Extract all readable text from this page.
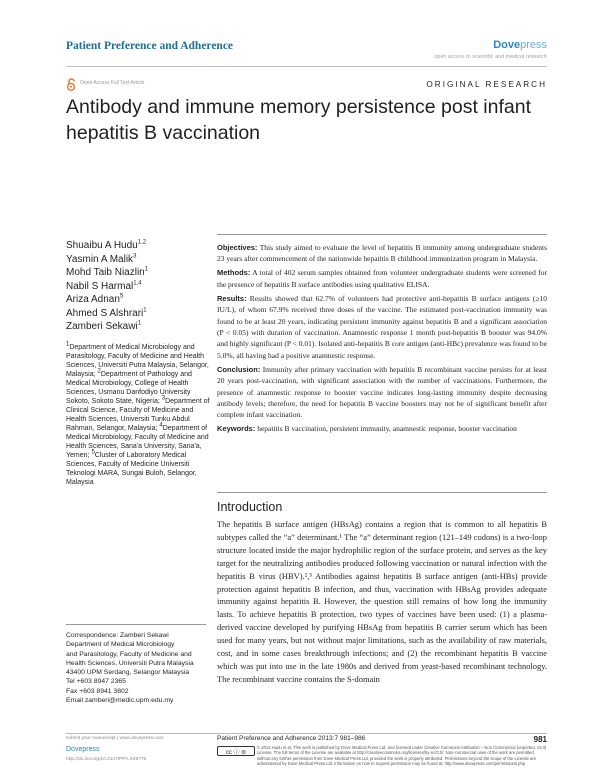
Patient Preference and Adherence	Dovepress
open access to scientific and medical research
Open Access Full Text Article	ORIGINAL RESEARCH
Antibody and immune memory persistence post infant hepatitis B vaccination
Shuaibu A Hudu$^{1,2}$
Yasmin A Malik$^3$
Mohd Taib Niazlin$^1$
Nabil S Harmal$^{1,4}$
Ariza Adnan$^5$
Ahmed S Alshrari$^1$
Zamberi Sekawi$^1$
$^1$Department of Medical Microbiology and Parasitology, Faculty of Medicine and Health Sciences, Universiti Putra Malaysia, Selangor, Malaysia; $^2$Department of Pathology and Medical Microbiology, College of Health Sciences, Usmanu Danfodiyo University Sokoto, Sokoto State, Nigeria; $^3$Department of Clinical Science, Faculty of Medicine and Health Sciences, Universiti Tunku Abdul Rahman, Selangor, Malaysia; $^4$Department of Medical Microbiology, Faculty of Medicine and Health Sciences, Sana'a University, Sana'a, Yemen; $^5$Cluster of Laboratory Medical Sciences, Faculty of Medicine Universiti Teknologi MARA, Sungai Buloh, Selangor, Malaysia
Correspondence: Zamberi Sekawi
Department of Medical Microbiology
and Parasitology, Faculty of Medicine and
Health Sciences, Universiti Putra Malaysia
43400 UPM Serdang, Selangor Malaysia
Tel +603 8947 2365
Fax +603 8941 3802
Email zamberi@medic.upm.edu.my

Objectives: This study aimed to evaluate the level of hepatitis B immunity among undergraduate students 23 years after commencement of the nationwide hepatitis B childhood immunization program in Malaysia.

Methods: A total of 402 serum samples obtained from volunteer undergraduate students were screened for the presence of hepatitis B surface antibodies using qualitative ELISA.

Results: Results showed that 62.7% of volunteers had protective anti-hepatitis B surface antigens (≥10 IU/L), of whom 67.9% received three doses of the vaccine. The estimated post-vaccination immunity was found to be at least 20 years, indicating persistent immunity against hepatitis B and a significant association (P < 0.05) with duration of vaccination. Anamnestic response 1 month post-hepatitis B booster was 94.0% and highly significant (P < 0.01). Isolated anti-hepatitis B core antigen (anti-HBc) prevalence was found to be 5.0%, all having had a positive anamnestic response.

Conclusion: Immunity after primary vaccination with hepatitis B recombinant vaccine persists for at least 20 years post-vaccination, with significant association with the number of vaccinations. Furthermore, the presence of anamnestic response to booster vaccine indicates long-lasting immunity despite decreasing antibody levels; therefore, the need for hepatitis B vaccine boosters may not be of significant benefit after complete infant vaccination.

Keywords: hepatitis B vaccination, persistent immunity, anamnestic response, booster vaccination

Introduction
The hepatitis B surface antigen (HBsAg) contains a region that is common to all hepatitis B subtypes called the “a” determinant.¹ The “a” determinant region (121–149 codons) is a two-loop structure located inside the major hydrophilic region of the surface protein, and serves as the key target for the neutralizing antibodies produced following vaccination or natural infection with the hepatitis B virus (HBV).²,³ Antibodies against hepatitis B surface antigen (anti-HBs) provide protection against hepatitis B infection, and thus, vaccination with HBsAg provides adequate immunity against hepatitis B. However, the question still remains of how long the immunity lasts. To achieve hepatitis B protection, two types of vaccines have been used: (1) a plasma-derived vaccine developed by purifying HBsAg from hepatitis B carrier serum which has been used for many years, but not without major limitations, such as the availability of raw materials, cost, and in some cases breakthrough infections; and (2) the recombinant hepatitis B vaccine which was put into use in the late 1980s and derived from yeast-based recombinant technology. The recombinant vaccine contains the S-domain
submit your manuscript | www.dovepress.com
Dovepress
http://dx.doi.org/10.2147/PPA.S49776
Patient Preference and Adherence 2013:7 981–986	981
cc ⓘ ⊜
© 2013 Hudu et al, This work is published by Dove Medical Press Ltd, and licensed under Creative Commons Attribution – Non Commercial (unported, v3.0) License. The full terms of the License are available at http://creativecommons.org/licenses/by-nc/3.0/. Non-commercial uses of the work are permitted without any further permission from Dove Medical Press Ltd, provided the work is properly attributed. Permissions beyond the scope of the License are administered by Dove Medical Press Ltd. Information on how to request permission may be found at: http://www.dovepress.com/permissions.php
